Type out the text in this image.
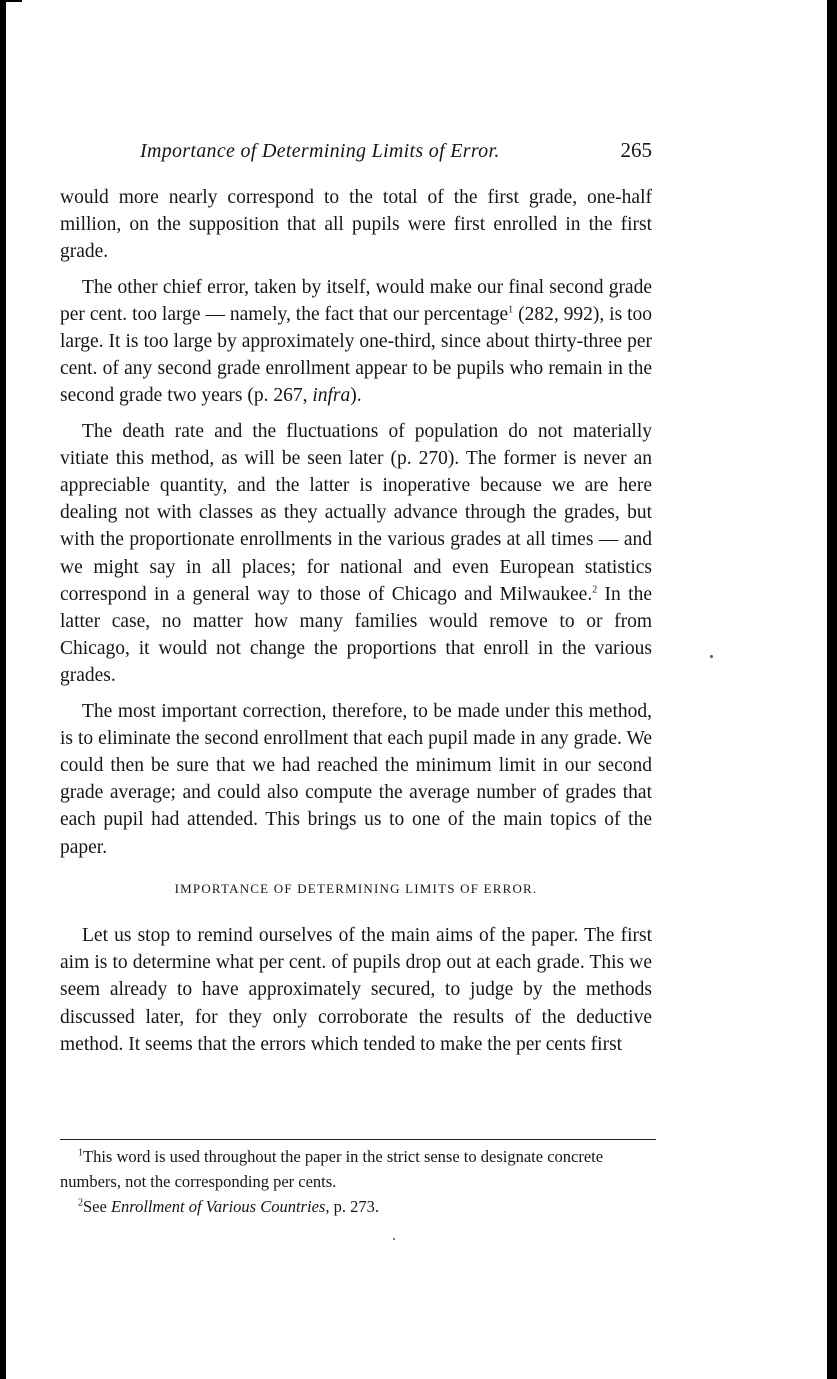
Importance of Determining Limits of Error.	265

would more nearly correspond to the total of the first grade, one-half million, on the supposition that all pupils were first enrolled in the first grade.

The other chief error, taken by itself, would make our final second grade per cent. too large — namely, the fact that our percentage$^1$ (282, 992), is too large. It is too large by approximately one-third, since about thirty-three per cent. of any second grade enrollment appear to be pupils who remain in the second grade two years (p. 267, infra).

The death rate and the fluctuations of population do not materially vitiate this method, as will be seen later (p. 270). The former is never an appreciable quantity, and the latter is inoperative because we are here dealing not with classes as they actually advance through the grades, but with the proportionate enrollments in the various grades at all times — and we might say in all places; for national and even European statistics correspond in a general way to those of Chicago and Milwaukee.$^2$ In the latter case, no matter how many families would remove to or from Chicago, it would not change the proportions that enroll in the various grades.

The most important correction, therefore, to be made under this method, is to eliminate the second enrollment that each pupil made in any grade. We could then be sure that we had reached the minimum limit in our second grade average; and could also compute the average number of grades that each pupil had attended. This brings us to one of the main topics of the paper.

IMPORTANCE OF DETERMINING LIMITS OF ERROR.

Let us stop to remind ourselves of the main aims of the paper. The first aim is to determine what per cent. of pupils drop out at each grade. This we seem already to have approximately secured, to judge by the methods discussed later, for they only corroborate the results of the deductive method. It seems that the errors which tended to make the per cents first

$^1$This word is used throughout the paper in the strict sense to designate concrete numbers, not the corresponding per cents.

$^2$See Enrollment of Various Countries, p. 273.
